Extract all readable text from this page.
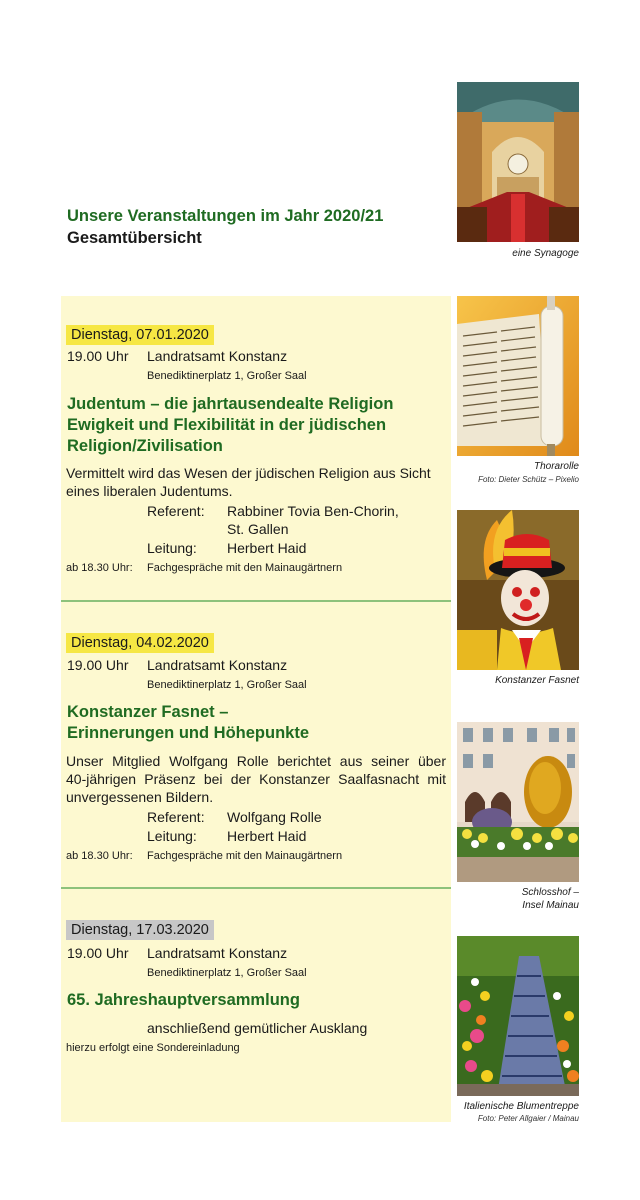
Unsere Veranstaltungen im Jahr 2020/21
Gesamtübersicht
Dienstag, 07.01.2020
19.00 Uhr Landratsamt Konstanz
Benediktinerplatz 1, Großer Saal
Judentum – die jahrtausendealte Religion
Ewigkeit und Flexibilität in der jüdischen
Religion/Zivilisation
Vermittelt wird das Wesen der jüdischen Religion aus Sicht
eines liberalen Judentums.
Referent: Rabbiner Tovia Ben-Chorin,
St. Gallen
Leitung: Herbert Haid
ab 18.30 Uhr: Fachgespräche mit den Mainaugärtnern
Dienstag, 04.02.2020
19.00 Uhr Landratsamt Konstanz
Benediktinerplatz 1, Großer Saal
Konstanzer Fasnet –
Erinnerungen und Höhepunkte
Unser Mitglied Wolfgang Rolle berichtet aus seiner über
40-jährigen Präsenz bei der Konstanzer Saalfasnacht mit
unvergessenen Bildern.
Referent: Wolfgang Rolle
Leitung: Herbert Haid
ab 18.30 Uhr: Fachgespräche mit den Mainaugärtnern
Dienstag, 17.03.2020
19.00 Uhr Landratsamt Konstanz
Benediktinerplatz 1, Großer Saal
65. Jahreshauptversammlung
anschließend gemütlicher Ausklang
hierzu erfolgt eine Sondereinladung
eine Synagoge
Thorarolle
Foto: Dieter Schütz – Pixelio
Konstanzer Fasnet
Schlosshof –
Insel Mainau
Italienische Blumentreppe
Foto: Peter Allgaier / Mainau
